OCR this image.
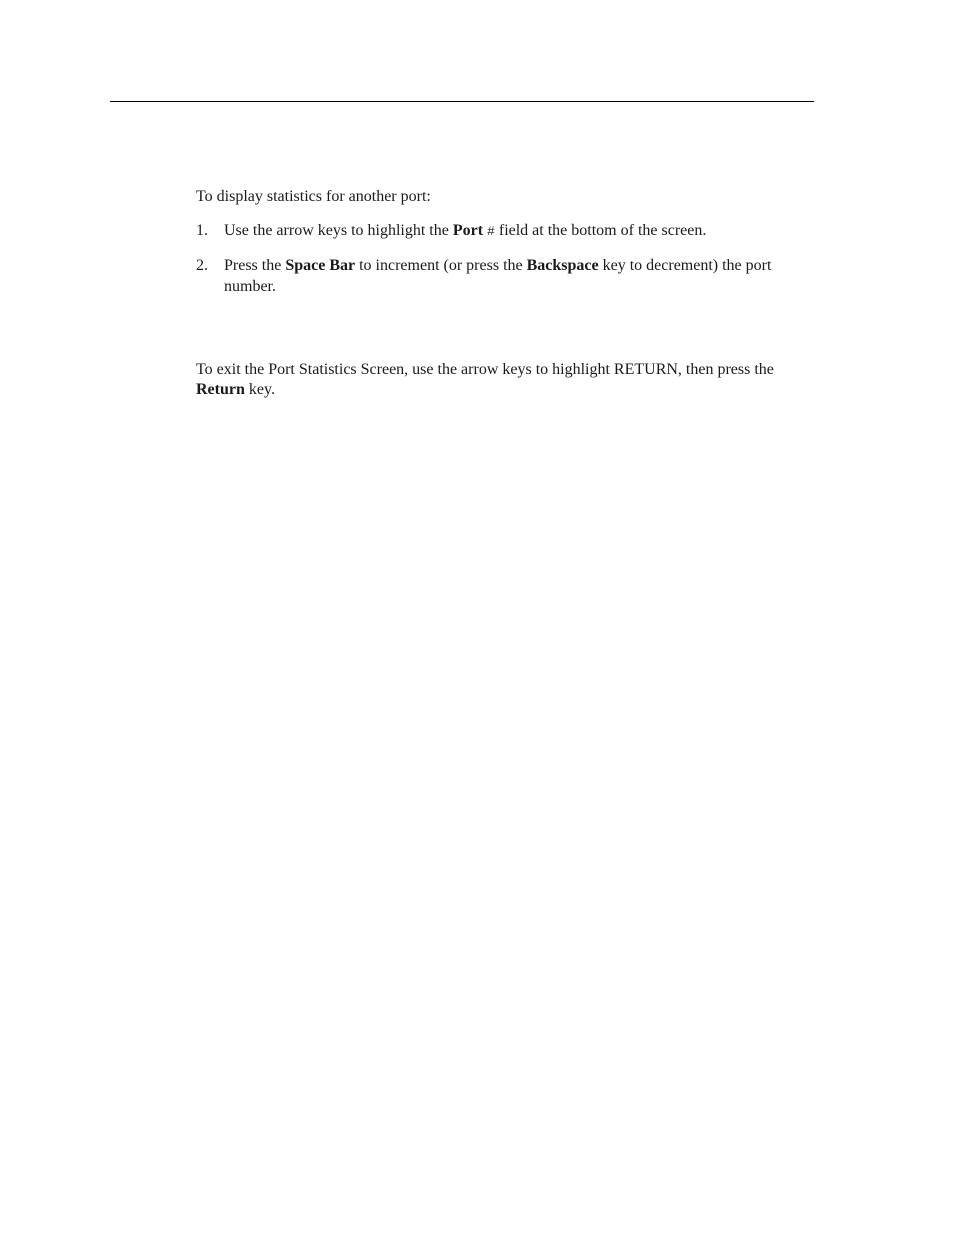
To display statistics for another port:

1. Use the arrow keys to highlight the Port # field at the bottom of the screen.
2. Press the Space Bar to increment (or press the Backspace key to decrement) the port number.

To exit the Port Statistics Screen, use the arrow keys to highlight RETURN, then press the Return key.
